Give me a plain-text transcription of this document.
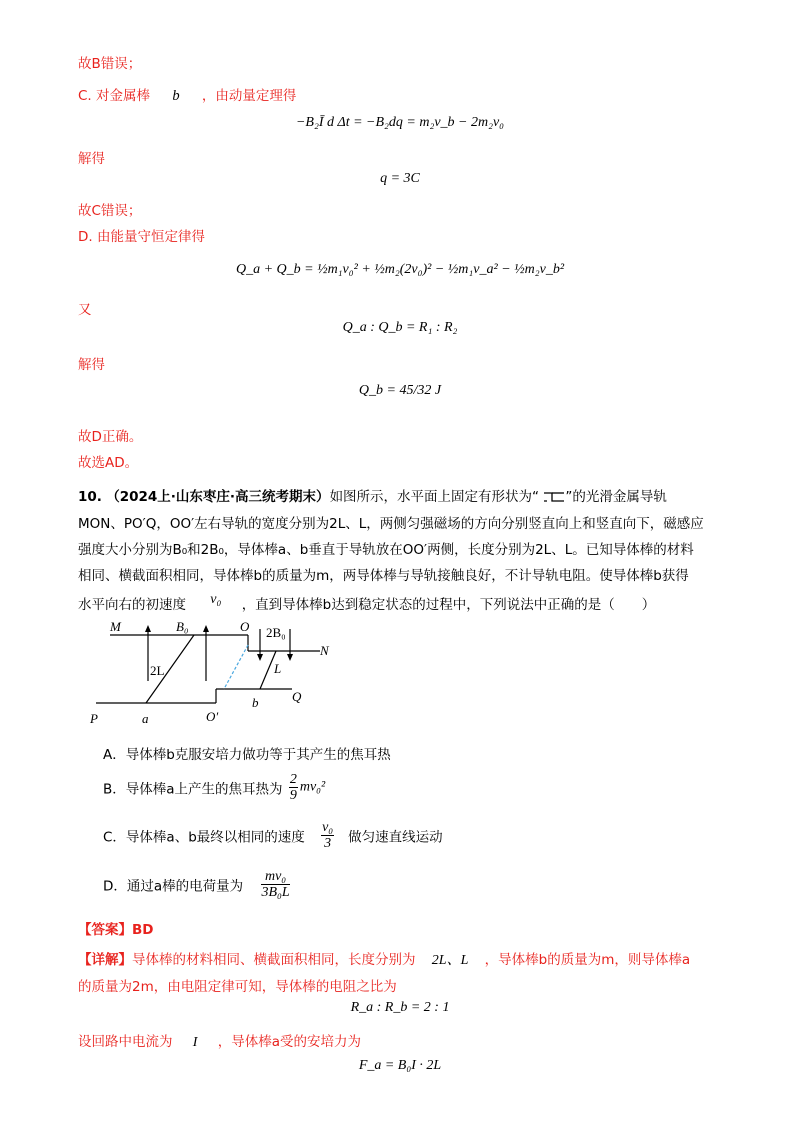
故B错误；
C. 对金属棒 b ，由动量定理得
−B₂Ī d Δt = −B₂dq = m₂v_b − 2m₂v₀
解得
q = 3C
故C错误；
D. 由能量守恒定律得
Q_a + Q_b = ½m₁v₀² + ½m₂(2v₀)² − ½m₁v_a² − ½m₂v_b²
又
Q_a : Q_b = R₁ : R₂
解得
Q_b = 45/32 J
故D正确。
故选AD。
10. （2024上·山东枣庄·高三统考期末）如图所示，水平面上固定有形状为“ ”的光滑金属导轨
MON、PO′Q，OO′左右导轨的宽度分别为2L、L，两侧匀强磁场的方向分别竖直向上和竖直向下，磁感应
强度大小分别为B₀和2B₀，导体棒a、b垂直于导轨放在OO′两侧，长度分别为2L、L。已知导体棒的材料
相同、横截面积相同，导体棒b的质量为m，两导体棒与导轨接触良好，不计导轨电阻。使导体棒b获得
水平向右的初速度 v₀ ，直到导体棒b达到稳定状态的过程中，下列说法中正确的是（　　）
M	B₀	O 2B₀
N
2L	L
b	Q
P	a	O′
A．导体棒b克服安培力做功等于其产生的焦耳热
B．导体棒a上产生的焦耳热为 $\frac{2}{9} mv_0^2$
C．导体棒a、b最终以相同的速度 $\frac{\text{v₀}}{3}$ 做匀速直线运动
D．通过a棒的电荷量为 $\frac{\text{mv₀}}{\text{3B₀L}}$
【答案】BD
【详解】导体棒的材料相同、横截面积相同，长度分别为 2L、L ，导体棒b的质量为m，则导体棒a
的质量为2m，由电阻定律可知，导体棒的电阻之比为
R_a : R_b = 2 : 1
设回路中电流为 I ，导体棒a受的安培力为
F_a = B₀I · 2L
